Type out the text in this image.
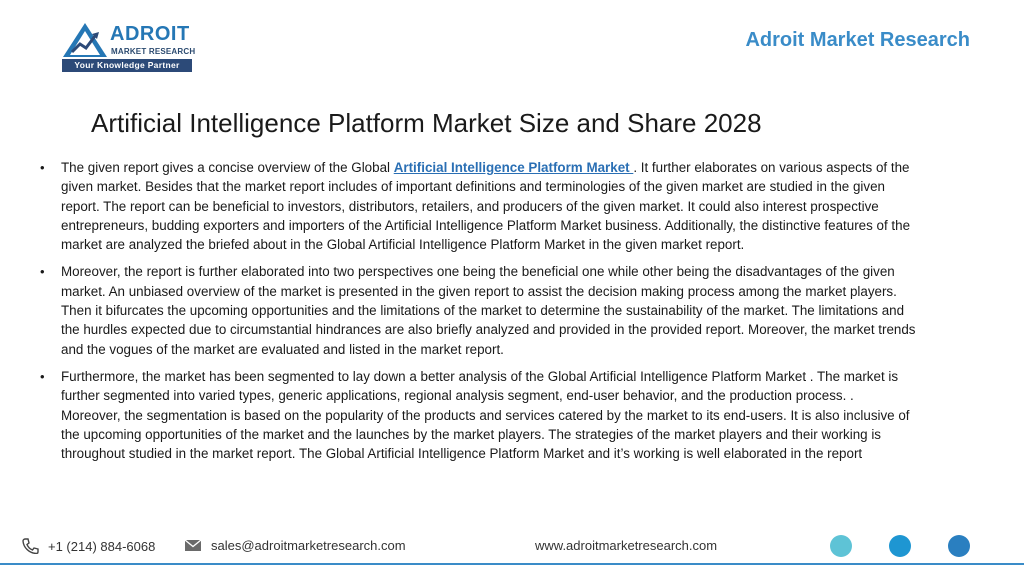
ADROIT
MARKET RESEARCH
Your Knowledge Partner
Adroit Market Research
Artificial Intelligence Platform Market Size and Share 2028
• The given report gives a concise overview of the Global Artificial Intelligence Platform Market . It further elaborates on various aspects of the given market. Besides that the market report includes of important definitions and terminologies of the given market are studied in the given report. The report can be beneficial to investors, distributors, retailers, and producers of the given market. It could also interest prospective entrepreneurs, budding exporters and importers of the Artificial Intelligence Platform Market business. Additionally, the distinctive features of the market are analyzed the briefed about in the Global Artificial Intelligence Platform Market in the given market report.
• Moreover, the report is further elaborated into two perspectives one being the beneficial one while other being the disadvantages of the given market. An unbiased overview of the market is presented in the given report to assist the decision making process among the market players. Then it bifurcates the upcoming opportunities and the limitations of the market to determine the sustainability of the market. The limitations and the hurdles expected due to circumstantial hindrances are also briefly analyzed and provided in the provided report. Moreover, the market trends and the vogues of the market are evaluated and listed in the market report.
• Furthermore, the market has been segmented to lay down a better analysis of the Global Artificial Intelligence Platform Market . The market is further segmented into varied types, generic applications, regional analysis segment, end-user behavior, and the production process. . Moreover, the segmentation is based on the popularity of the products and services catered by the market to its end-users. It is also inclusive of the upcoming opportunities of the market and the launches by the market players. The strategies of the market players and their working is throughout studied in the market report. The Global Artificial Intelligence Platform Market and it’s working is well elaborated in the report
+1 (214) 884-6068	sales@adroitmarketresearch.com	www.adroitmarketresearch.com
